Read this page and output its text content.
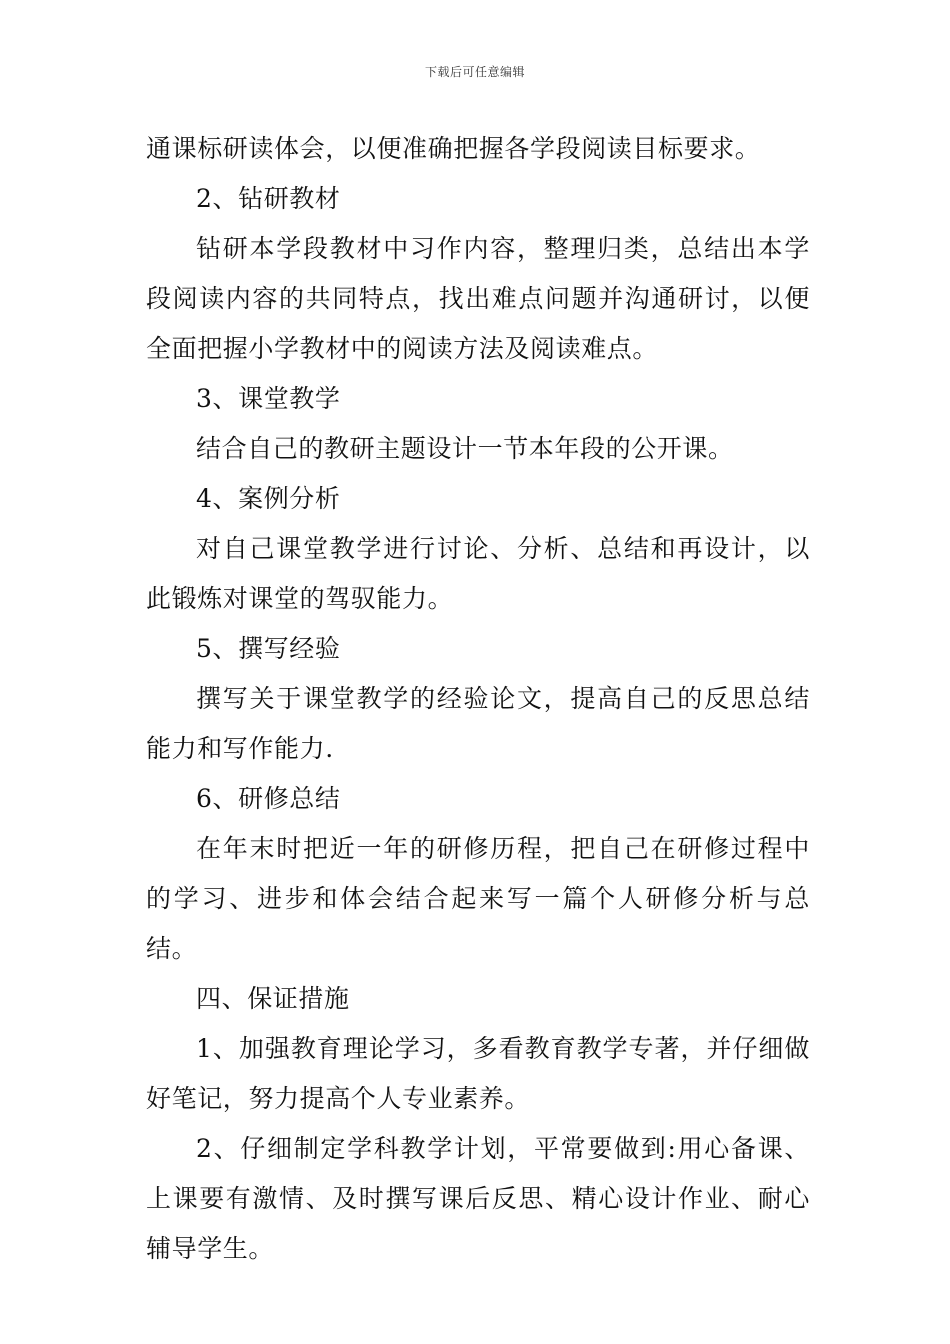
下载后可任意编辑

通课标研读体会，以便准确把握各学段阅读目标要求。

2、钻研教材

钻研本学段教材中习作内容，整理归类，总结出本学段阅读内容的共同特点，找出难点问题并沟通研讨，以便全面把握小学教材中的阅读方法及阅读难点。

3、课堂教学

结合自己的教研主题设计一节本年段的公开课。

4、案例分析

对自己课堂教学进行讨论、分析、总结和再设计，以此锻炼对课堂的驾驭能力。

5、撰写经验

撰写关于课堂教学的经验论文，提高自己的反思总结能力和写作能力.

6、研修总结

在年末时把近一年的研修历程，把自己在研修过程中的学习、进步和体会结合起来写一篇个人研修分析与总结。

四、保证措施

1、加强教育理论学习，多看教育教学专著，并仔细做好笔记，努力提高个人专业素养。

2、仔细制定学科教学计划，平常要做到:用心备课、上课要有激情、及时撰写课后反思、精心设计作业、耐心辅导学生。
